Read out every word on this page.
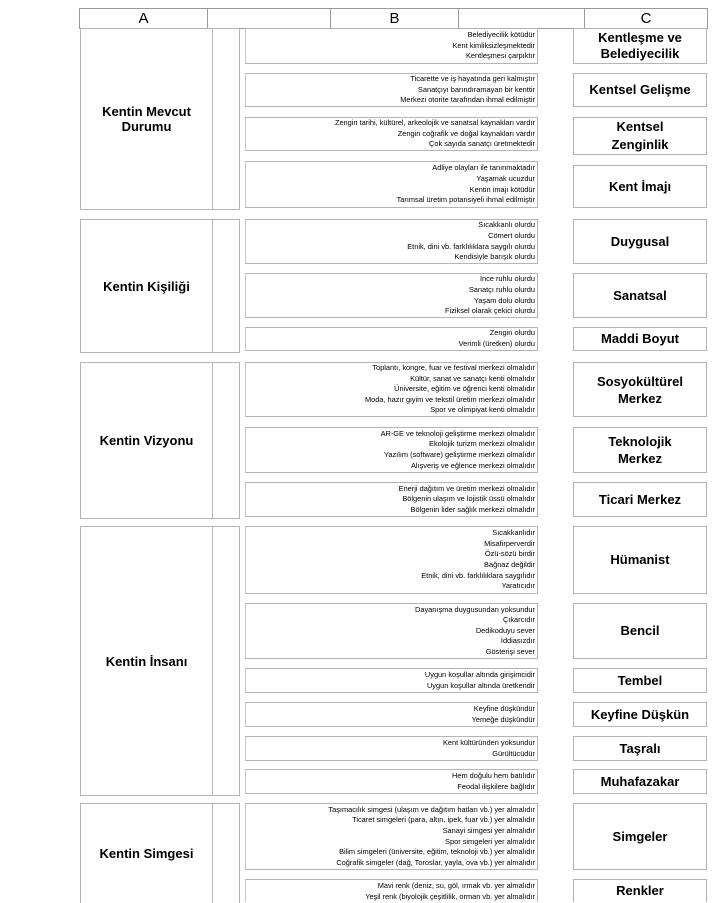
A	B	C
Kentin Mevcut
Durumu
Kentin Kişiliği
Kentin Vizyonu
Kentin İnsanı
Kentin Simgesi
Belediyecilik kötüdür
Kent kimliksizleşmektedir
Kentleşmesi çarpıktır
Ticarette ve iş hayatında geri kalmıştır
Sanatçıyı barındıramayan bir kenttir
Merkezi otorite tarafından ihmal edilmiştir
Zengin tarihi, kültürel, arkeolojik ve sanatsal kaynakları vardır
Zengin coğrafik ve doğal kaynakları vardır
Çok sayıda sanatçı üretmektedir
Adliye olayları ile tanınmaktadır
Yaşamak ucuzdur
Kentin imajı kötüdür
Tarımsal üretim potansiyeli ihmal edilmiştir
Sıcakkanlı olurdu
Cömert olurdu
Etnik, dini vb. farklılıklara saygılı olurdu
Kendisiyle barışık olurdu
İnce ruhlu olurdu
Sanatçı ruhlu olurdu
Yaşam dolu olurdu
Fiziksel olarak çekici olurdu
Zengin olurdu
Verimli (üretken) olurdu
Toplantı, kongre, fuar ve festival merkezi olmalıdır
Kültür, sanat ve sanatçı kenti olmalıdır
Üniversite, eğitim ve öğrenci kenti olmalıdır
Moda, hazır giyim ve tekstil üretim merkezi olmalıdır
Spor ve olimpiyat kenti olmalıdır
AR-GE ve teknoloji geliştirme merkezi olmalıdır
Ekolojik turizm merkezi olmalıdır
Yazılım (software) geliştirme merkezi olmalıdır
Alışveriş ve eğlence merkezi olmalıdır
Enerji dağıtım ve üretim merkezi olmalıdır
Bölgenin ulaşım ve lojistik üssü olmalıdır
Bölgenin lider sağlık merkezi olmalıdır
Sıcakkanlıdır
Misafirperverdir
Özü-sözü birdir
Bağnaz değildir
Etnik, dini vb. farklılıklara saygılıdır
Yaratıcıdır
Dayanışma duygusundan yoksundur
Çıkarcıdır
Dedikoduyu sever
İddiasızdır
Gösterişi sever
Uygun koşullar altında girişimcidir
Uygun koşullar altında üretkendir
Keyfine düşkündür
Yemeğe düşkündür
Kent kültüründen yoksundur
Gürültücüdür
Hem doğulu hem batılıdır
Feodal ilişkilere bağlıdır
Taşımacılık simgesi (ulaşım ve dağıtım hatları vb.) yer almalıdır
Ticaret simgeleri (para, altın, ipek, fuar vb.) yer almalıdır
Sanayi simgesi yer almalıdır
Spor simgeleri yer almalıdır
Bilim simgeleri (üniversite, eğitim, teknoloji vb.) yer almalıdır
Coğrafik simgeler (dağ, Toroslar, yayla, ova vb.) yer almalıdır
Mavi renk (deniz, su, göl, ırmak vb. yer almalıdır
Yeşil renk (biyolojik çeşitlilik, orman vb. yer almalıdır
Kentleşme ve
Belediyecilik
Kentsel Gelişme
Kentsel
Zenginlik
Kent İmajı
Duygusal
Sanatsal
Maddi Boyut
Sosyokültürel
Merkez
Teknolojik
Merkez
Ticari Merkez
Hümanist
Bencil
Tembel
Keyfine Düşkün
Taşralı
Muhafazakar
Simgeler
Renkler
